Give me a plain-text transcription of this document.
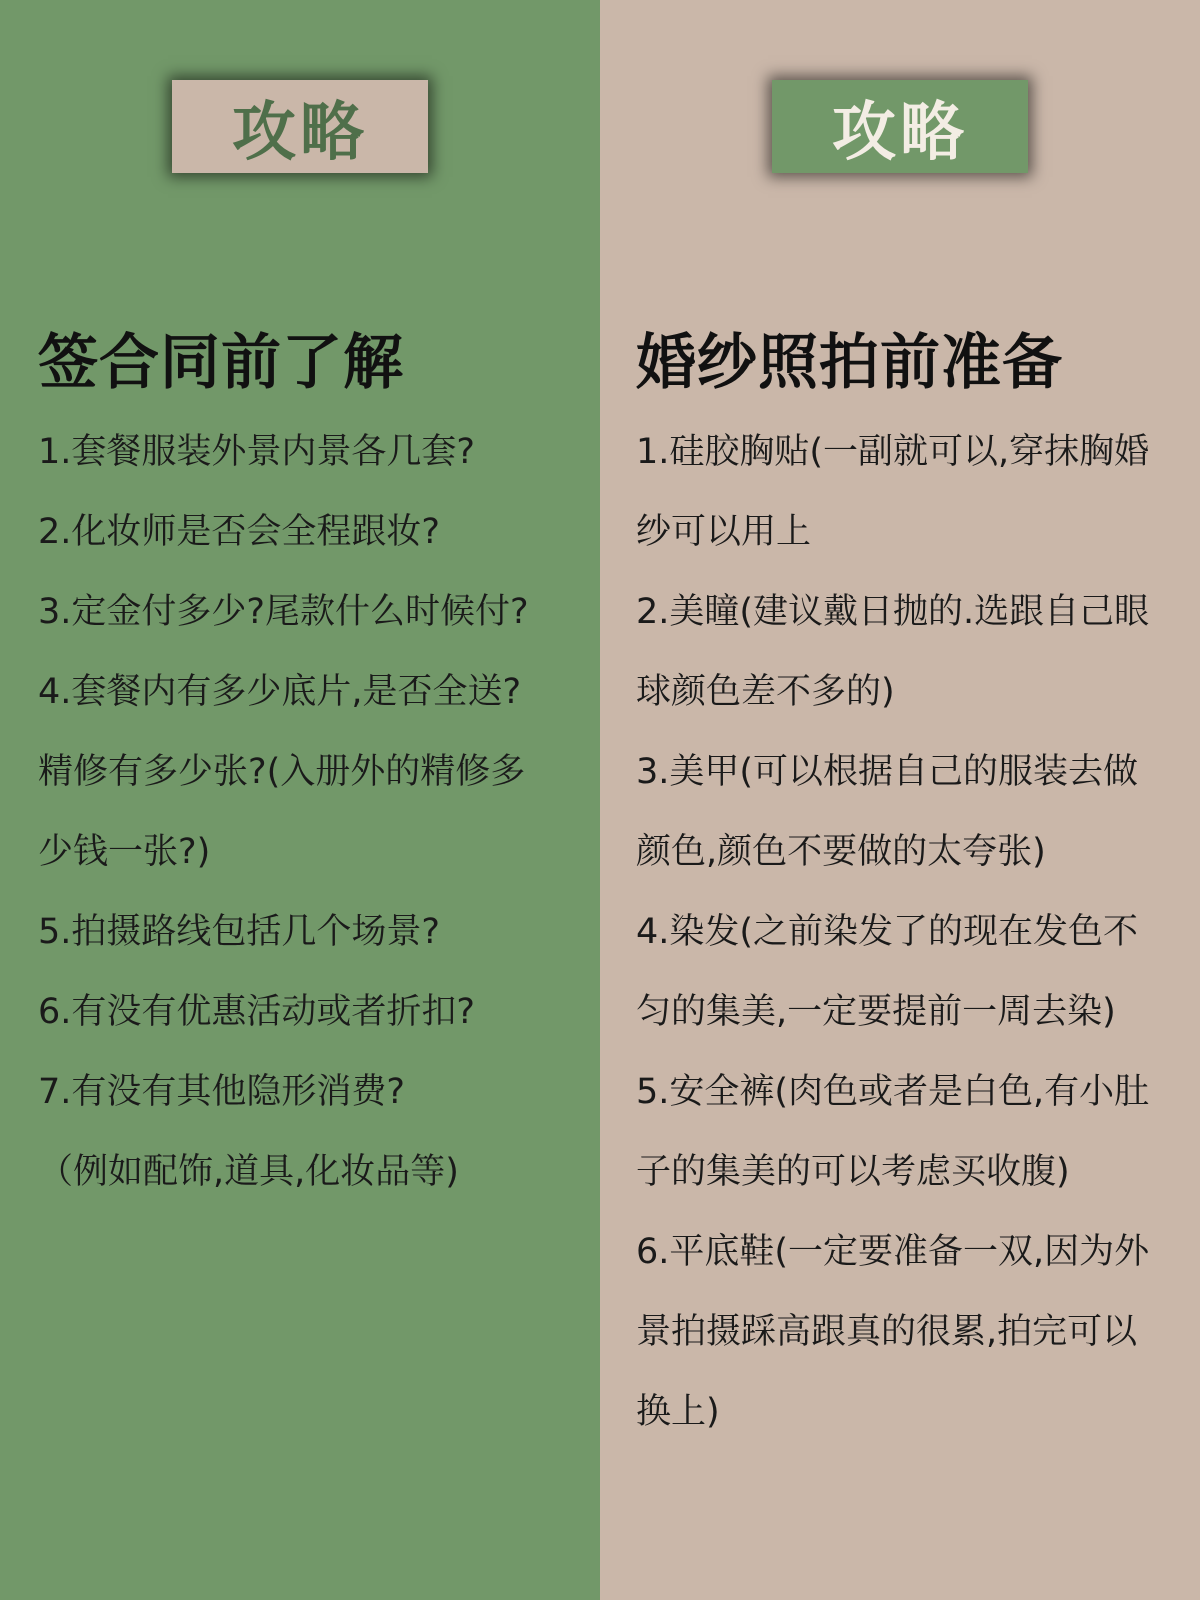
攻略
签合同前了解
1.套餐服装外景内景各几套?
2.化妆师是否会全程跟妆?
3.定金付多少?尾款什么时候付?
4.套餐内有多少底片,是否全送?
精修有多少张?(入册外的精修多
少钱一张?)
5.拍摄路线包括几个场景?
6.有没有优惠活动或者折扣?
7.有没有其他隐形消费?
（例如配饰,道具,化妆品等)
攻略
婚纱照拍前准备
1.硅胶胸贴(一副就可以,穿抹胸婚
纱可以用上
2.美瞳(建议戴日抛的.选跟自己眼
球颜色差不多的)
3.美甲(可以根据自己的服装去做
颜色,颜色不要做的太夸张)
4.染发(之前染发了的现在发色不
匀的集美,一定要提前一周去染)
5.安全裤(肉色或者是白色,有小肚
子的集美的可以考虑买收腹)
6.平底鞋(一定要准备一双,因为外
景拍摄踩高跟真的很累,拍完可以
换上)
